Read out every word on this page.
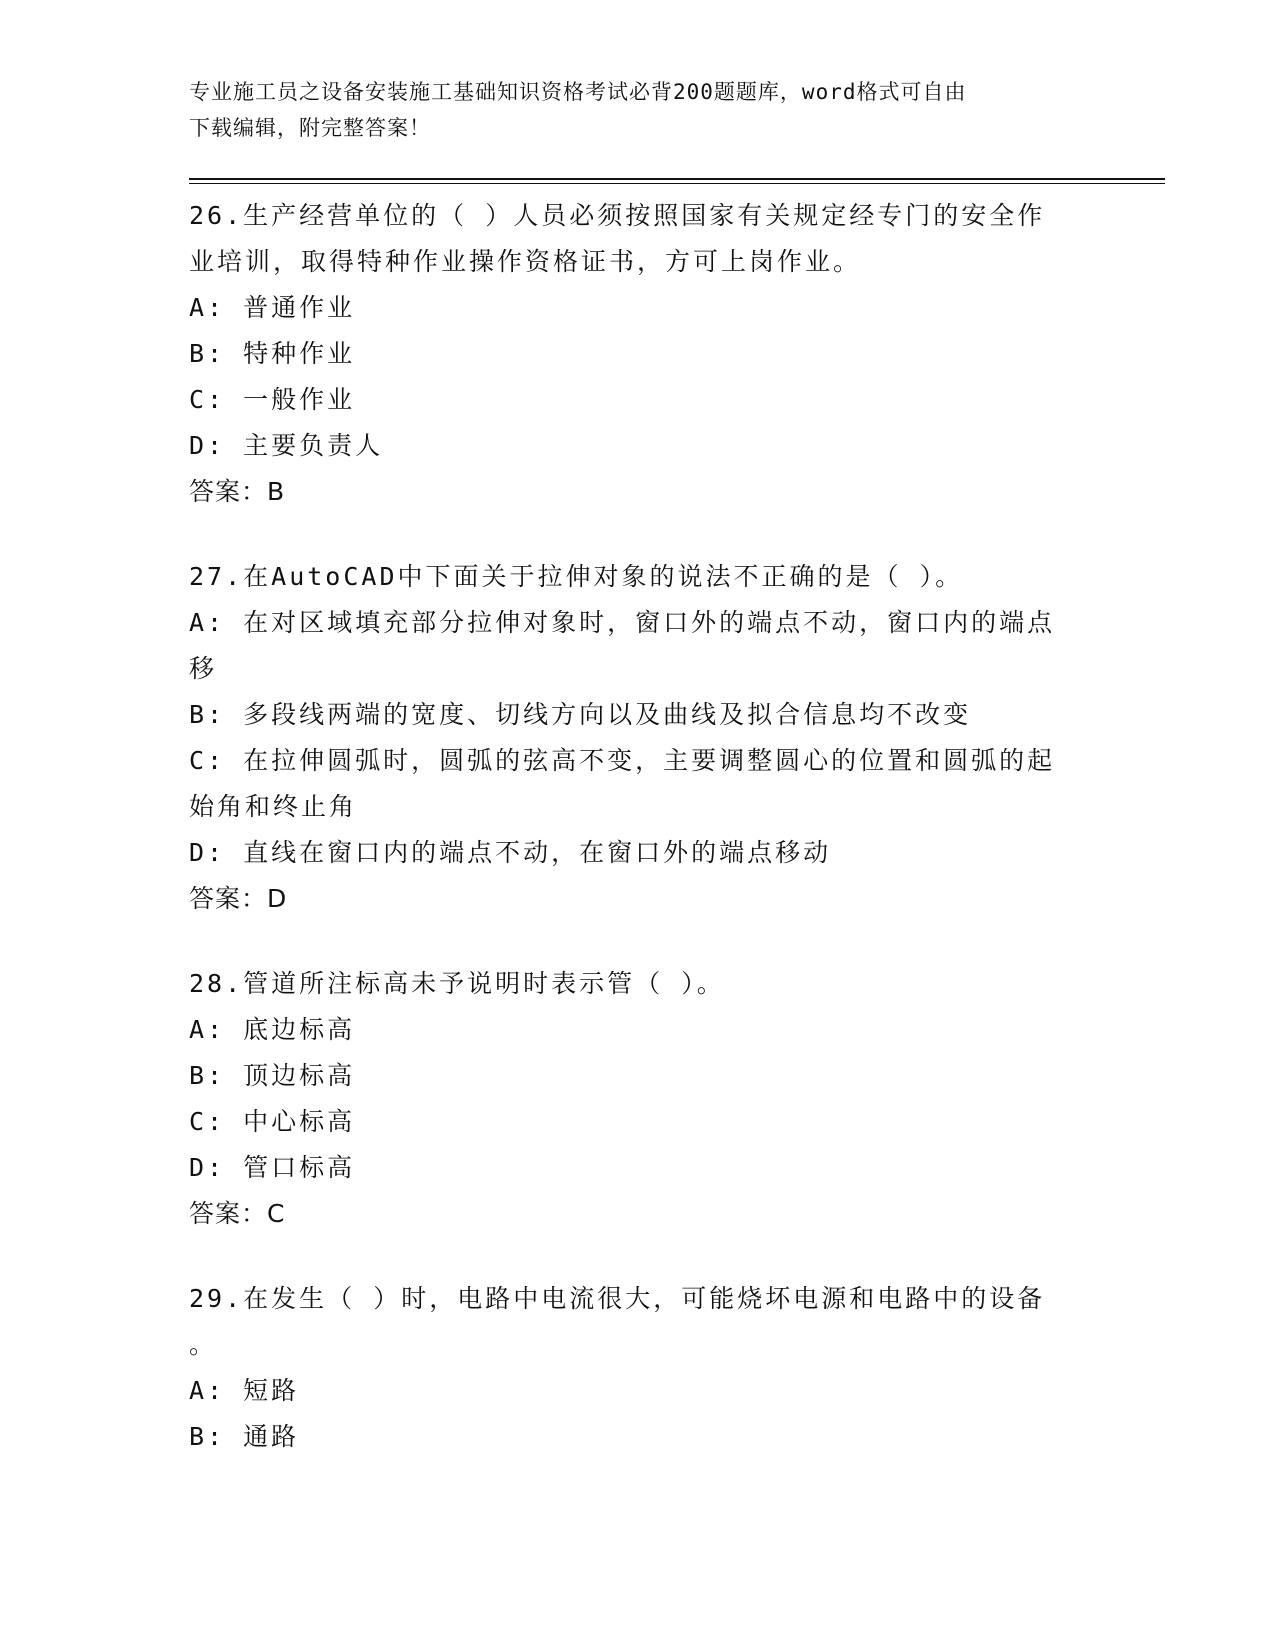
专业施工员之设备安装施工基础知识资格考试必背200题题库，word格式可自由
下载编辑，附完整答案！

26.生产经营单位的（ ）人员必须按照国家有关规定经专门的安全作

业培训，取得特种作业操作资格证书，方可上岗作业。

A: 普通作业

B: 特种作业

C: 一般作业

D: 主要负责人

答案：B

27.在AutoCAD中下面关于拉伸对象的说法不正确的是（ ）。

A: 在对区域填充部分拉伸对象时，窗口外的端点不动，窗口内的端点

移

B: 多段线两端的宽度、切线方向以及曲线及拟合信息均不改变

C: 在拉伸圆弧时，圆弧的弦高不变，主要调整圆心的位置和圆弧的起

始角和终止角

D: 直线在窗口内的端点不动，在窗口外的端点移动

答案：D

28.管道所注标高未予说明时表示管（ ）。

A: 底边标高

B: 顶边标高

C: 中心标高

D: 管口标高

答案：C

29.在发生（ ）时，电路中电流很大，可能烧坏电源和电路中的设备

。

A: 短路

B: 通路
